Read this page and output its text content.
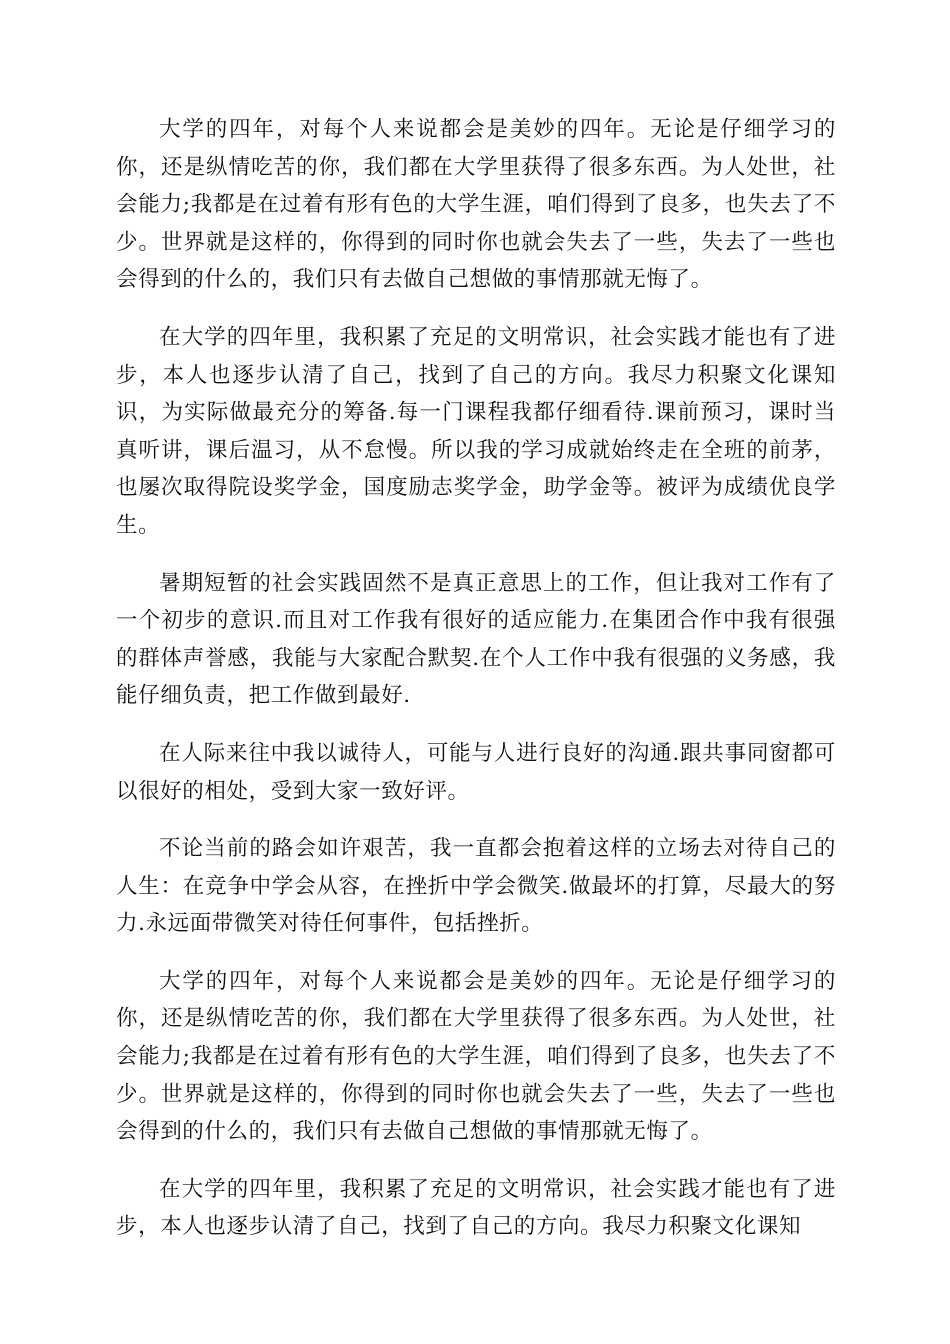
大学的四年，对每个人来说都会是美妙的四年。无论是仔细学习的你，还是纵情吃苦的你，我们都在大学里获得了很多东西。为人处世，社会能力;我都是在过着有形有色的大学生涯，咱们得到了良多，也失去了不少。世界就是这样的，你得到的同时你也就会失去了一些，失去了一些也会得到的什么的，我们只有去做自己想做的事情那就无悔了。

在大学的四年里，我积累了充足的文明常识，社会实践才能也有了进步，本人也逐步认清了自己，找到了自己的方向。我尽力积聚文化课知识，为实际做最充分的筹备.每一门课程我都仔细看待.课前预习，课时当真听讲，课后温习，从不怠慢。所以我的学习成就始终走在全班的前茅，也屡次取得院设奖学金，国度励志奖学金，助学金等。被评为成绩优良学生。

暑期短暂的社会实践固然不是真正意思上的工作，但让我对工作有了一个初步的意识.而且对工作我有很好的适应能力.在集团合作中我有很强的群体声誉感，我能与大家配合默契.在个人工作中我有很强的义务感，我能仔细负责，把工作做到最好.

在人际来往中我以诚待人，可能与人进行良好的沟通.跟共事同窗都可以很好的相处，受到大家一致好评。

不论当前的路会如许艰苦，我一直都会抱着这样的立场去对待自己的人生：在竞争中学会从容，在挫折中学会微笑.做最坏的打算，尽最大的努力.永远面带微笑对待任何事件，包括挫折。

大学的四年，对每个人来说都会是美妙的四年。无论是仔细学习的你，还是纵情吃苦的你，我们都在大学里获得了很多东西。为人处世，社会能力;我都是在过着有形有色的大学生涯，咱们得到了良多，也失去了不少。世界就是这样的，你得到的同时你也就会失去了一些，失去了一些也会得到的什么的，我们只有去做自己想做的事情那就无悔了。

在大学的四年里，我积累了充足的文明常识，社会实践才能也有了进步，本人也逐步认清了自己，找到了自己的方向。我尽力积聚文化课知
